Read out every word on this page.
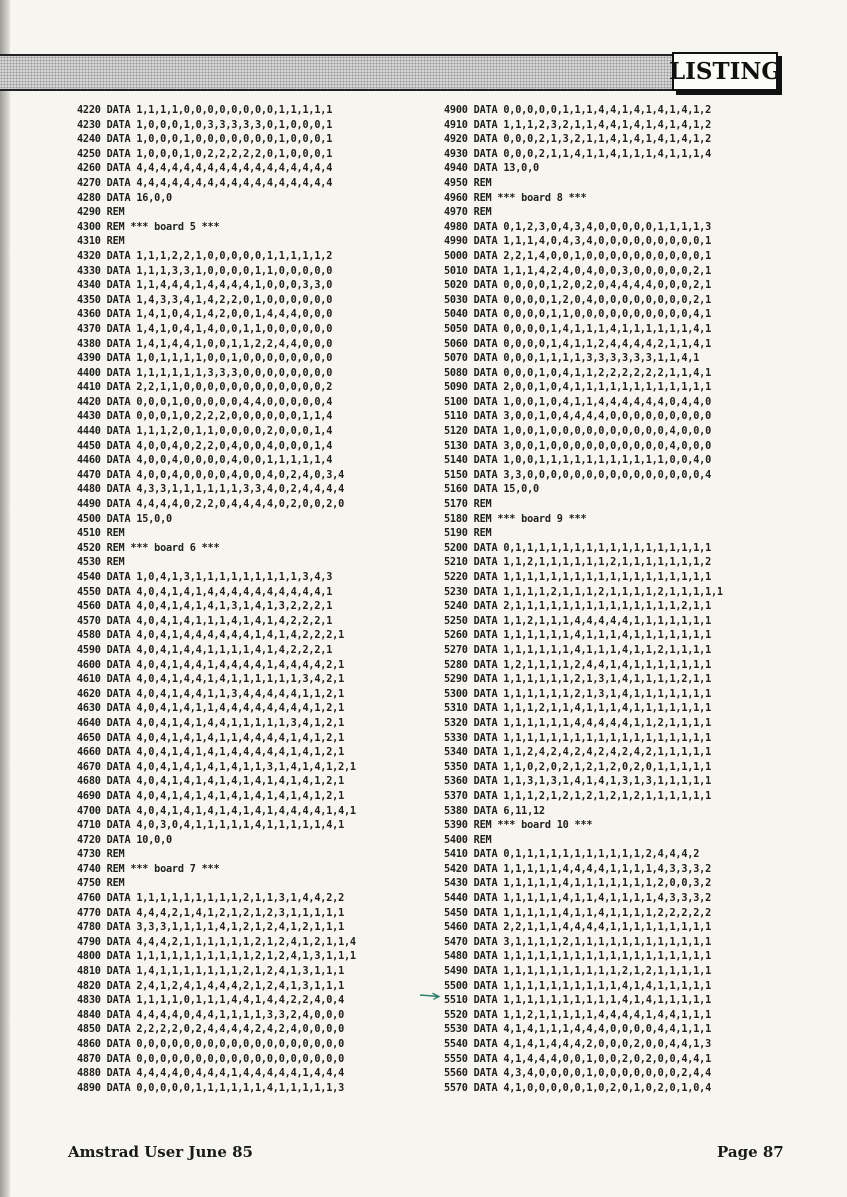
LISTING
4220 DATA 1,1,1,1,0,0,0,0,0,0,0,0,1,1,1,1,1
4230 DATA 1,0,0,0,1,0,3,3,3,3,3,0,1,0,0,0,1
4240 DATA 1,0,0,0,1,0,0,0,0,0,0,0,1,0,0,0,1
4250 DATA 1,0,0,0,1,0,2,2,2,2,2,0,1,0,0,0,1
4260 DATA 4,4,4,4,4,4,4,4,4,4,4,4,4,4,4,4,4
4270 DATA 4,4,4,4,4,4,4,4,4,4,4,4,4,4,4,4,4
4280 DATA 16,0,0
4290 REM
4300 REM *** board 5 ***
4310 REM
4320 DATA 1,1,1,2,2,1,0,0,0,0,0,1,1,1,1,1,2
4330 DATA 1,1,1,3,3,1,0,0,0,0,1,1,0,0,0,0,0
4340 DATA 1,1,4,4,4,1,4,4,4,4,1,0,0,0,3,3,0
4350 DATA 1,4,3,3,4,1,4,2,2,0,1,0,0,0,0,0,0
4360 DATA 1,4,1,0,4,1,4,2,0,0,1,4,4,4,0,0,0
4370 DATA 1,4,1,0,4,1,4,0,0,1,1,0,0,0,0,0,0
4380 DATA 1,4,1,4,4,1,0,0,1,1,2,2,4,4,0,0,0
4390 DATA 1,0,1,1,1,1,0,0,1,0,0,0,0,0,0,0,0
4400 DATA 1,1,1,1,1,1,3,3,3,0,0,0,0,0,0,0,0
4410 DATA 2,2,1,1,0,0,0,0,0,0,0,0,0,0,0,0,2
4420 DATA 0,0,0,1,0,0,0,0,0,4,4,0,0,0,0,0,4
4430 DATA 0,0,0,1,0,2,2,2,0,0,0,0,0,0,1,1,4
4440 DATA 1,1,1,2,0,1,1,0,0,0,0,2,0,0,0,1,4
4450 DATA 4,0,0,4,0,2,2,0,4,0,0,4,0,0,0,1,4
4460 DATA 4,0,0,4,0,0,0,0,4,0,0,1,1,1,1,1,4
4470 DATA 4,0,0,4,0,0,0,0,4,0,0,4,0,2,4,0,3,4
4480 DATA 4,3,3,1,1,1,1,1,1,3,3,4,0,2,4,4,4,4
4490 DATA 4,4,4,4,0,2,2,0,4,4,4,4,0,2,0,0,2,0
4500 DATA 15,0,0
4510 REM
4520 REM *** board 6 ***
4530 REM
4540 DATA 1,0,4,1,3,1,1,1,1,1,1,1,1,1,3,4,3
4550 DATA 4,0,4,1,4,1,4,4,4,4,4,4,4,4,4,4,1
4560 DATA 4,0,4,1,4,1,4,1,3,1,4,1,3,2,2,2,1
4570 DATA 4,0,4,1,4,1,1,1,4,1,4,1,4,2,2,2,1
4580 DATA 4,0,4,1,4,4,4,4,4,4,1,4,1,4,2,2,2,1
4590 DATA 4,0,4,1,4,4,1,1,1,1,4,1,4,2,2,2,1
4600 DATA 4,0,4,1,4,4,1,4,4,4,4,1,4,4,4,4,2,1
4610 DATA 4,0,4,1,4,4,1,4,1,1,1,1,1,1,3,4,2,1
4620 DATA 4,0,4,1,4,4,1,1,3,4,4,4,4,4,1,1,2,1
4630 DATA 4,0,4,1,4,1,1,4,4,4,4,4,4,4,4,1,2,1
4640 DATA 4,0,4,1,4,1,4,4,1,1,1,1,1,3,4,1,2,1
4650 DATA 4,0,4,1,4,1,4,1,1,4,4,4,4,1,4,1,2,1
4660 DATA 4,0,4,1,4,1,4,1,4,4,4,4,4,1,4,1,2,1
4670 DATA 4,0,4,1,4,1,4,1,4,1,1,3,1,4,1,4,1,2,1
4680 DATA 4,0,4,1,4,1,4,1,4,1,4,1,4,1,4,1,2,1
4690 DATA 4,0,4,1,4,1,4,1,4,1,4,1,4,1,4,1,2,1
4700 DATA 4,0,4,1,4,1,4,1,4,1,4,1,4,4,4,4,1,4,1
4710 DATA 4,0,3,0,4,1,1,1,1,1,4,1,1,1,1,1,4,1
4720 DATA 10,0,0
4730 REM
4740 REM *** board 7 ***
4750 REM
4760 DATA 1,1,1,1,1,1,1,1,1,2,1,1,3,1,4,4,2,2
4770 DATA 4,4,4,2,1,4,1,2,1,2,1,2,3,1,1,1,1,1
4780 DATA 3,3,3,1,1,1,1,4,1,2,1,2,4,1,2,1,1,1
4790 DATA 4,4,4,2,1,1,1,1,1,1,2,1,2,4,1,2,1,1,4
4800 DATA 1,1,1,1,1,1,1,1,1,1,2,1,2,4,1,3,1,1,1
4810 DATA 1,4,1,1,1,1,1,1,1,2,1,2,4,1,3,1,1,1
4820 DATA 2,4,1,2,4,1,4,4,4,2,1,2,4,1,3,1,1,1
4830 DATA 1,1,1,1,0,1,1,1,4,4,1,4,4,2,2,4,0,4
4840 DATA 4,4,4,4,0,4,4,1,1,1,1,3,3,2,4,0,0,0
4850 DATA 2,2,2,2,0,2,4,4,4,4,2,4,2,4,0,0,0,0
4860 DATA 0,0,0,0,0,0,0,0,0,0,0,0,0,0,0,0,0,0
4870 DATA 0,0,0,0,0,0,0,0,0,0,0,0,0,0,0,0,0,0
4880 DATA 4,4,4,4,0,4,4,4,1,4,4,4,4,4,1,4,4,4
4890 DATA 0,0,0,0,0,1,1,1,1,1,1,4,1,1,1,1,1,3
4900 DATA 0,0,0,0,0,1,1,1,4,4,1,4,1,4,1,4,1,2
4910 DATA 1,1,1,2,3,2,1,1,4,4,1,4,1,4,1,4,1,2
4920 DATA 0,0,0,2,1,3,2,1,1,4,1,4,1,4,1,4,1,2
4930 DATA 0,0,0,2,1,1,4,1,1,4,1,1,1,4,1,1,1,4
4940 DATA 13,0,0
4950 REM
4960 REM *** board 8 ***
4970 REM
4980 DATA 0,1,2,3,0,4,3,4,0,0,0,0,0,1,1,1,1,3
4990 DATA 1,1,1,4,0,4,3,4,0,0,0,0,0,0,0,0,0,1
5000 DATA 2,2,1,4,0,0,1,0,0,0,0,0,0,0,0,0,0,1
5010 DATA 1,1,1,4,2,4,0,4,0,0,3,0,0,0,0,0,2,1
5020 DATA 0,0,0,0,1,2,0,2,0,4,4,4,4,0,0,0,2,1
5030 DATA 0,0,0,0,1,2,0,4,0,0,0,0,0,0,0,0,2,1
5040 DATA 0,0,0,0,1,1,0,0,0,0,0,0,0,0,0,0,4,1
5050 DATA 0,0,0,0,1,4,1,1,1,4,1,1,1,1,1,1,4,1
5060 DATA 0,0,0,0,1,4,1,1,2,4,4,4,4,2,1,1,4,1
5070 DATA 0,0,0,1,1,1,1,3,3,3,3,3,3,1,1,4,1
5080 DATA 0,0,0,1,0,4,1,1,2,2,2,2,2,2,1,1,4,1
5090 DATA 2,0,0,1,0,4,1,1,1,1,1,1,1,1,1,1,1,1
5100 DATA 1,0,0,1,0,4,1,1,4,4,4,4,4,4,0,4,4,0
5110 DATA 3,0,0,1,0,4,4,4,4,0,0,0,0,0,0,0,0,0
5120 DATA 1,0,0,1,0,0,0,0,0,0,0,0,0,0,4,0,0,0
5130 DATA 3,0,0,1,0,0,0,0,0,0,0,0,0,0,4,0,0,0
5140 DATA 1,0,0,1,1,1,1,1,1,1,1,1,1,1,0,0,4,0
5150 DATA 3,3,0,0,0,0,0,0,0,0,0,0,0,0,0,0,0,4
5160 DATA 15,0,0
5170 REM
5180 REM *** board 9 ***
5190 REM
5200 DATA 0,1,1,1,1,1,1,1,1,1,1,1,1,1,1,1,1,1
5210 DATA 1,1,2,1,1,1,1,1,1,2,1,1,1,1,1,1,1,2
5220 DATA 1,1,1,1,1,1,1,1,1,1,1,1,1,1,1,1,1,1
5230 DATA 1,1,1,1,2,1,1,1,2,1,1,1,1,2,1,1,1,1,1
5240 DATA 2,1,1,1,1,1,1,1,1,1,1,1,1,1,1,2,1,1
5250 DATA 1,1,2,1,1,1,4,4,4,4,4,1,1,1,1,1,1,1
5260 DATA 1,1,1,1,1,1,4,1,1,1,4,1,1,1,1,1,1,1
5270 DATA 1,1,1,1,1,1,4,1,1,1,4,1,1,2,1,1,1,1
5280 DATA 1,2,1,1,1,1,2,4,4,1,4,1,1,1,1,1,1,1
5290 DATA 1,1,1,1,1,1,2,1,3,1,4,1,1,1,1,2,1,1
5300 DATA 1,1,1,1,1,1,2,1,3,1,4,1,1,1,1,1,1,1
5310 DATA 1,1,1,2,1,1,4,1,1,1,4,1,1,1,1,1,1,1
5320 DATA 1,1,1,1,1,1,4,4,4,4,4,1,1,2,1,1,1,1
5330 DATA 1,1,1,1,1,1,1,1,1,1,1,1,1,1,1,1,1,1
5340 DATA 1,1,2,4,2,4,2,4,2,4,2,4,2,1,1,1,1,1
5350 DATA 1,1,0,2,0,2,1,2,1,2,0,2,0,1,1,1,1,1
5360 DATA 1,1,3,1,3,1,4,1,4,1,3,1,3,1,1,1,1,1
5370 DATA 1,1,1,2,1,2,1,2,1,2,1,2,1,1,1,1,1,1
5380 DATA 6,11,12
5390 REM *** board 10 ***
5400 REM
5410 DATA 0,1,1,1,1,1,1,1,1,1,1,1,2,4,4,4,2
5420 DATA 1,1,1,1,1,4,4,4,4,1,1,1,1,4,3,3,3,2
5430 DATA 1,1,1,1,1,4,1,1,1,1,1,1,1,2,0,0,3,2
5440 DATA 1,1,1,1,1,4,1,1,4,1,1,1,1,4,3,3,3,2
5450 DATA 1,1,1,1,1,4,1,1,4,1,1,1,1,2,2,2,2,2
5460 DATA 2,2,1,1,1,4,4,4,4,1,1,1,1,1,1,1,1,1
5470 DATA 3,1,1,1,1,2,1,1,1,1,1,1,1,1,1,1,1,1
5480 DATA 1,1,1,1,1,1,1,1,1,1,1,1,1,1,1,1,1,1
5490 DATA 1,1,1,1,1,1,1,1,1,1,2,1,2,1,1,1,1,1
5500 DATA 1,1,1,1,1,1,1,1,1,1,4,1,4,1,1,1,1,1
5510 DATA 1,1,1,1,1,1,1,1,1,1,4,1,4,1,1,1,1,1
5520 DATA 1,1,2,1,1,1,1,1,4,4,4,4,1,4,4,1,1,1
5530 DATA 4,1,4,1,1,1,4,4,4,0,0,0,0,4,4,1,1,1
5540 DATA 4,1,4,1,4,4,4,2,0,0,0,2,0,0,4,4,1,3
5550 DATA 4,1,4,4,4,0,0,1,0,0,2,0,2,0,0,4,4,1
5560 DATA 4,3,4,0,0,0,0,1,0,0,0,0,0,0,0,2,4,4
5570 DATA 4,1,0,0,0,0,0,1,0,2,0,1,0,2,0,1,0,4
Amstrad User June 85	Page 87
